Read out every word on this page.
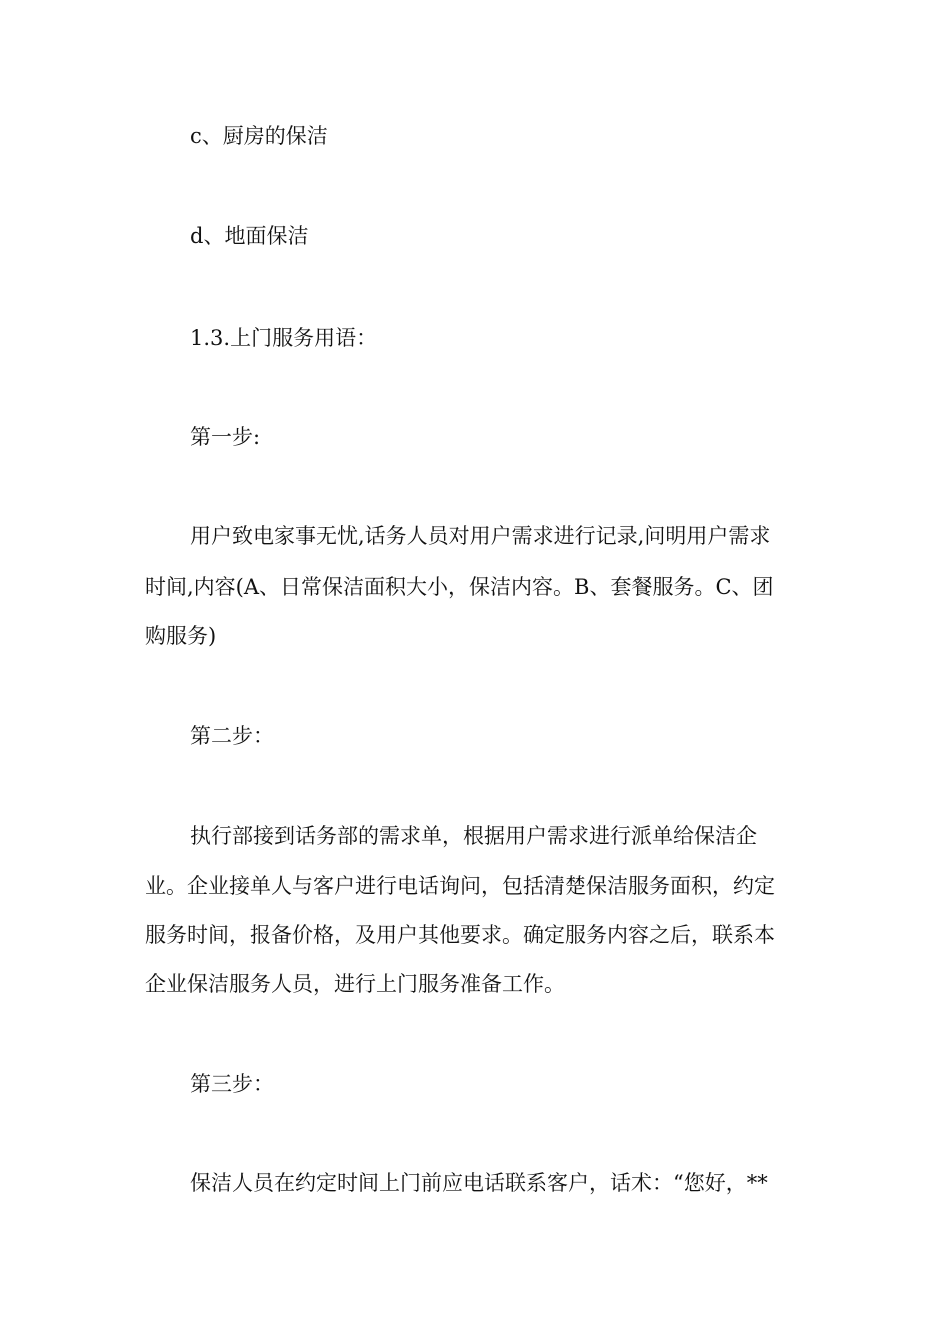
c、厨房的保洁
d、地面保洁
1.3.上门服务用语：
第一步:
用户致电家事无忧,话务人员对用户需求进行记录,问明用户需求
时间,内容(A、日常保洁面积大小，保洁内容。B、套餐服务。C、团
购服务)
第二步：
执行部接到话务部的需求单，根据用户需求进行派单给保洁企
业。企业接单人与客户进行电话询问，包括清楚保洁服务面积，约定
服务时间，报备价格，及用户其他要求。确定服务内容之后，联系本
企业保洁服务人员，进行上门服务准备工作。
第三步：
保洁人员在约定时间上门前应电话联系客户，话术：“您好，**
